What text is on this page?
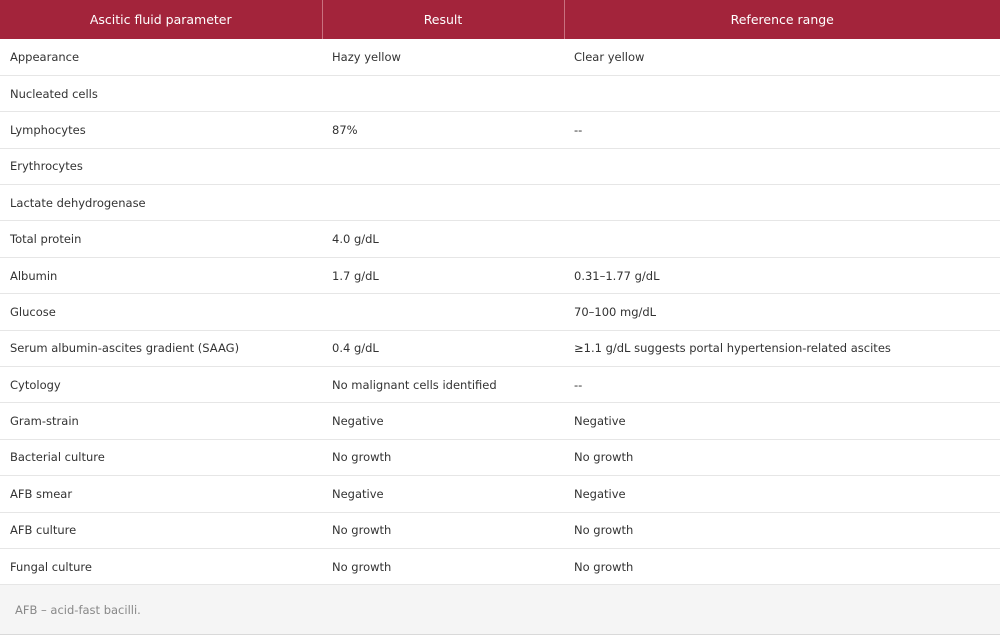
Ascitic fluid parameter	Result	Reference range
Appearance	Hazy yellow	Clear yellow
Nucleated cells		
Lymphocytes	87%	--
Erythrocytes		
Lactate dehydrogenase		
Total protein	4.0 g/dL	
Albumin	1.7 g/dL	0.31–1.77 g/dL
Glucose		70–100 mg/dL
Serum albumin-ascites gradient (SAAG)	0.4 g/dL	≥1.1 g/dL suggests portal hypertension-related ascites
Cytology	No malignant cells identified	--
Gram-strain	Negative	Negative
Bacterial culture	No growth	No growth
AFB smear	Negative	Negative
AFB culture	No growth	No growth
Fungal culture	No growth	No growth
AFB – acid-fast bacilli.
